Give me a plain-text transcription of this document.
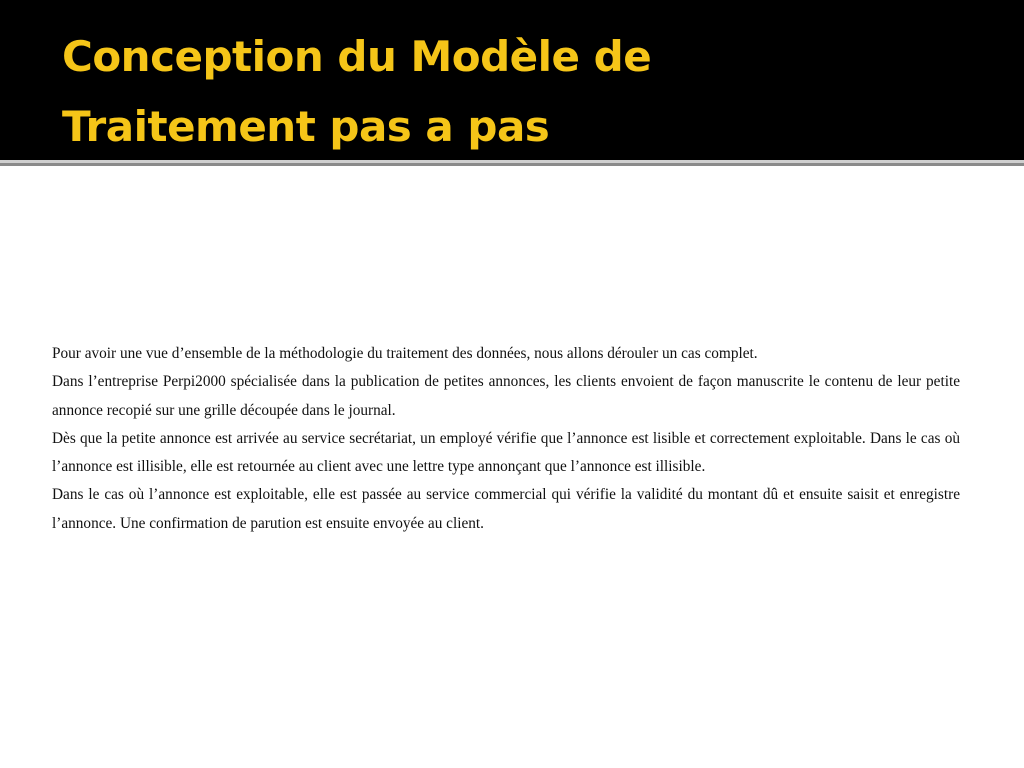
Conception du Modèle de
Traitement pas a pas

Pour avoir une vue d’ensemble de la méthodologie du traitement des données, nous allons dérouler un cas complet.

Dans l’entreprise Perpi2000 spécialisée dans la publication de petites annonces, les clients envoient de façon manuscrite le contenu de leur petite annonce recopié sur une grille découpée dans le journal.

Dès que la petite annonce est arrivée au service secrétariat, un employé vérifie que l’annonce est lisible et correctement exploitable. Dans le cas où l’annonce est illisible, elle est retournée au client avec une lettre type annonçant que l’annonce est illisible.

Dans le cas où l’annonce est exploitable, elle est passée au service commercial qui vérifie la validité du montant dû et ensuite saisit et enregistre l’annonce. Une confirmation de parution est ensuite envoyée au client.
